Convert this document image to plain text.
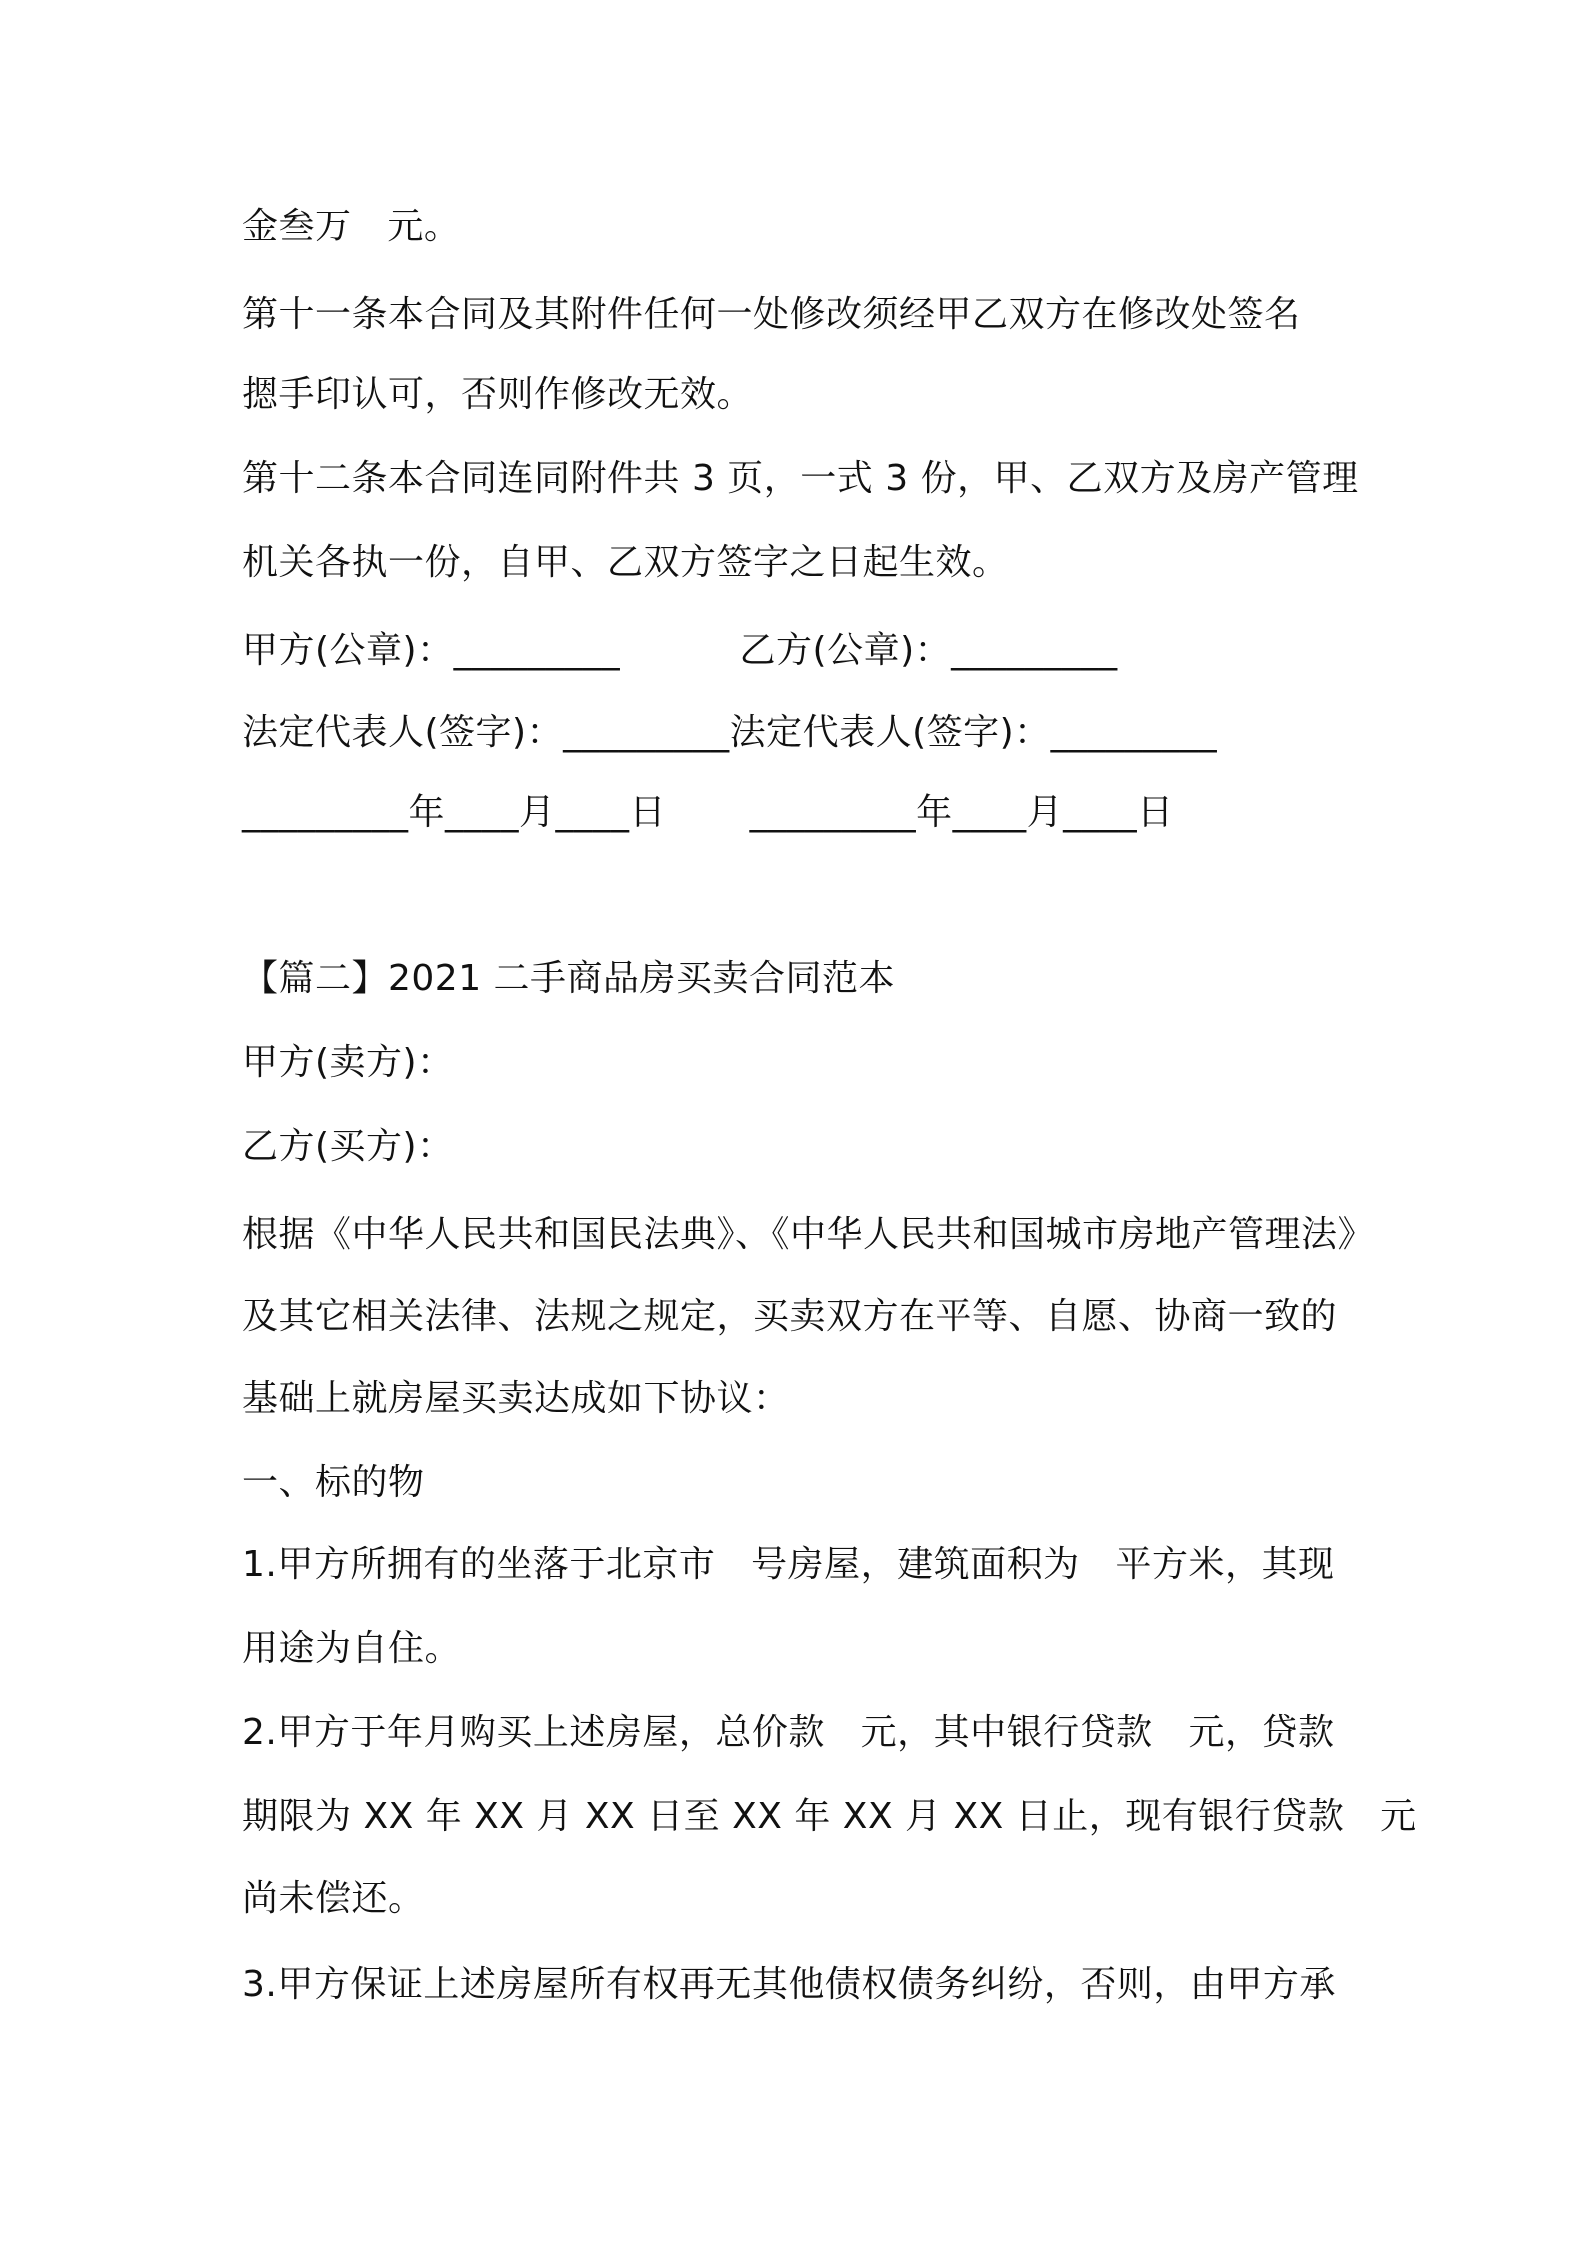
金叁万   元。
第十一条本合同及其附件任何一处修改须经甲乙双方在修改处签名
摁手印认可，否则作修改无效。
第十二条本合同连同附件共 3 页，一式 3 份，甲、乙双方及房产管理
机关各执一份，自甲、乙双方签字之日起生效。
甲方(公章)：_________          乙方(公章)：_________
法定代表人(签字)：_________法定代表人(签字)：_________
_________年____月____日       _________年____月____日
【篇二】2021 二手商品房买卖合同范本
甲方(卖方)：
乙方(买方)：
根据《中华人民共和国民法典》、《中华人民共和国城市房地产管理法》
及其它相关法律、法规之规定，买卖双方在平等、自愿、协商一致的
基础上就房屋买卖达成如下协议：
一、标的物
1.甲方所拥有的坐落于北京市   号房屋，建筑面积为   平方米，其现
用途为自住。
2.甲方于年月购买上述房屋，总价款   元，其中银行贷款   元，贷款
期限为 XX 年 XX 月 XX 日至 XX 年 XX 月 XX 日止，现有银行贷款   元
尚未偿还。
3.甲方保证上述房屋所有权再无其他债权债务纠纷，否则，由甲方承
